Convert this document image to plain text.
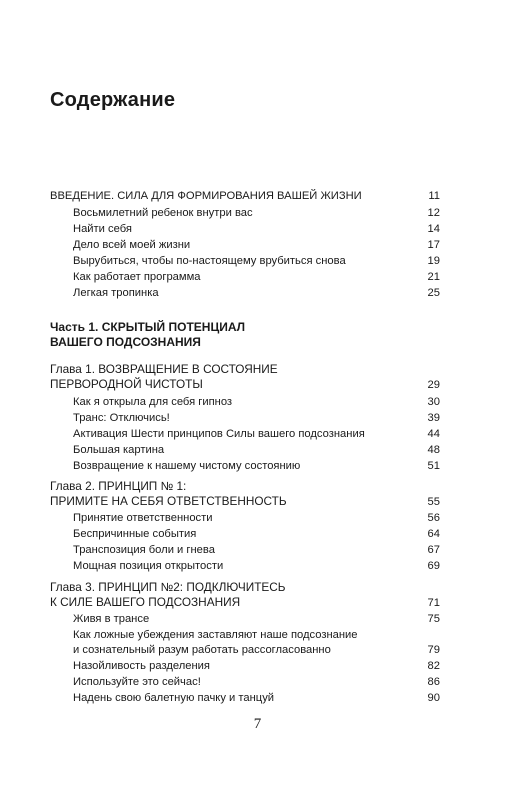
Содержание
ВВЕДЕНИЕ. СИЛА ДЛЯ ФОРМИРОВАНИЯ ВАШЕЙ ЖИЗНИ	11
Восьмилетний ребенок внутри вас	12
Найти себя	14
Дело всей моей жизни	17
Вырубиться, чтобы по-настоящему врубиться снова	19
Как работает программа	21
Легкая тропинка	25
Часть 1. СКРЫТЫЙ ПОТЕНЦИАЛ
ВАШЕГО ПОДСОЗНАНИЯ
Глава 1. ВОЗВРАЩЕНИЕ В СОСТОЯНИЕ
ПЕРВОРОДНОЙ ЧИСТОТЫ	29
Как я открыла для себя гипноз	30
Транс: Отключись!	39
Активация Шести принципов Силы вашего подсознания	44
Большая картина	48
Возвращение к нашему чистому состоянию	51
Глава 2. ПРИНЦИП № 1:
ПРИМИТЕ НА СЕБЯ ОТВЕТСТВЕННОСТЬ	55
Принятие ответственности	56
Беспричинные события	64
Транспозиция боли и гнева	67
Мощная позиция открытости	69
Глава 3. ПРИНЦИП №2: ПОДКЛЮЧИТЕСЬ
К СИЛЕ ВАШЕГО ПОДСОЗНАНИЯ	71
Живя в трансе	75
Как ложные убеждения заставляют наше подсознание
и сознательный разум работать рассогласованно	79
Назойливость разделения	82
Используйте это сейчас!	86
Надень свою балетную пачку и танцуй	90
7
